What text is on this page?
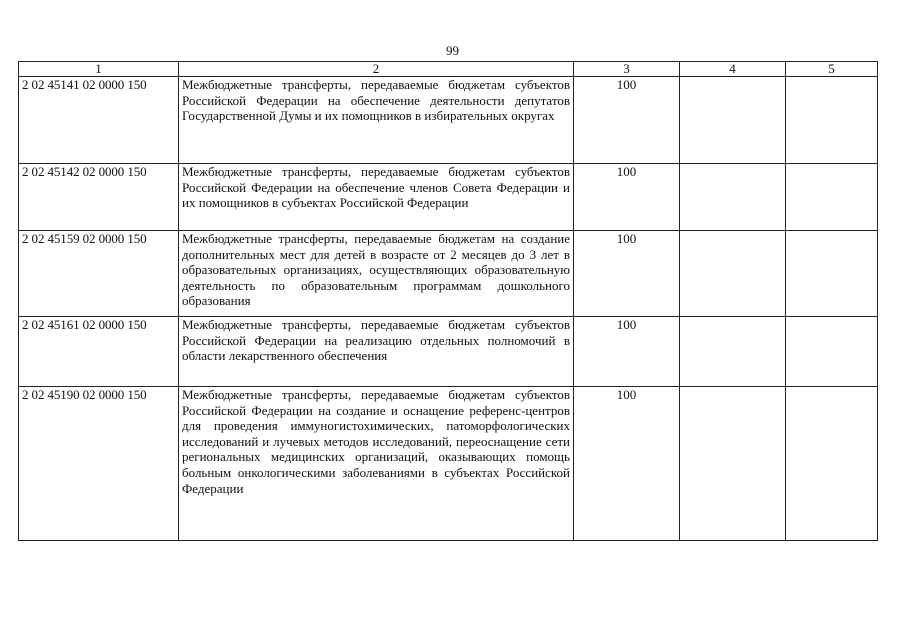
99
1	2	3	4	5
2 02 45141 02 0000 150	Межбюджетные трансферты, передаваемые бюджетам субъектов Российской Федерации на обеспечение деятельности депутатов Государственной Думы и их помощников в избирательных округах	100		
2 02 45142 02 0000 150	Межбюджетные трансферты, передаваемые бюджетам субъектов Российской Федерации на обеспечение членов Совета Федерации и их помощников в субъектах Российской Федерации	100		
2 02 45159 02 0000 150	Межбюджетные трансферты, передаваемые бюджетам на создание дополнительных мест для детей в возрасте от 2 месяцев до 3 лет в образовательных организациях, осуществляющих образовательную деятельность по образовательным программам дошкольного образования	100		
2 02 45161 02 0000 150	Межбюджетные трансферты, передаваемые бюджетам субъектов Российской Федерации на реализацию отдельных полномочий в области лекарственного обеспечения	100		
2 02 45190 02 0000 150	Межбюджетные трансферты, передаваемые бюджетам субъектов Российской Федерации на создание и оснащение референс-центров для проведения иммуногистохимических, патоморфологических исследований и лучевых методов исследований, переоснащение сети региональных медицинских организаций, оказывающих помощь больным онкологическими заболеваниями в субъектах Российской Федерации	100		
